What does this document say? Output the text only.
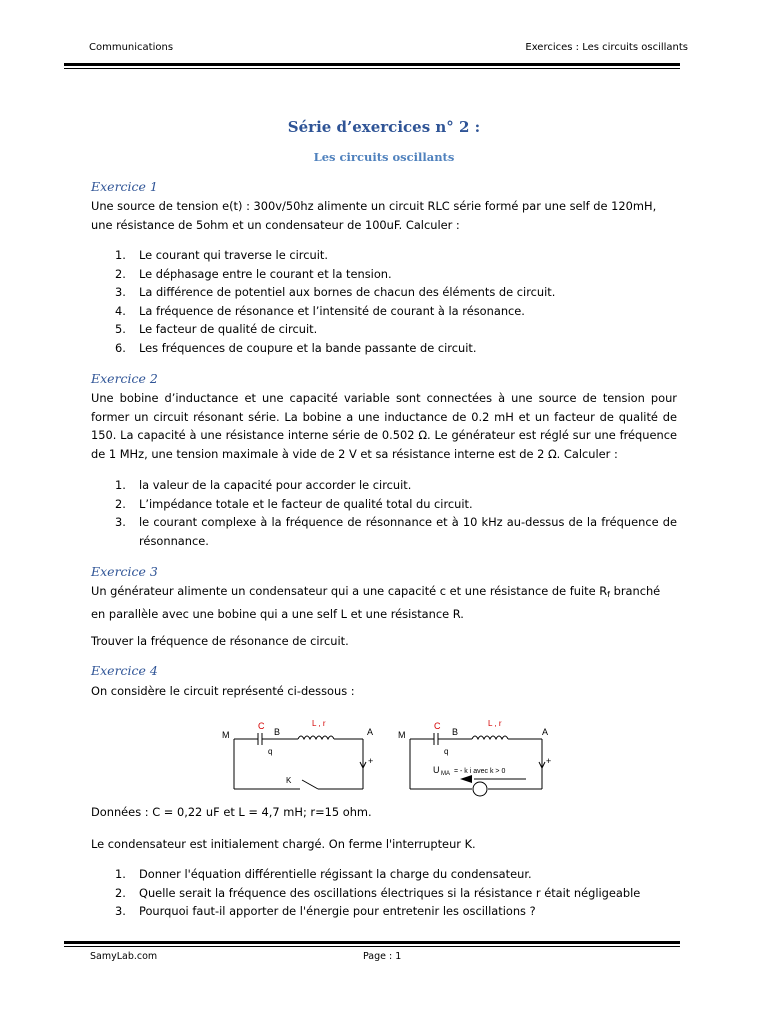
Communications	Exercices : Les circuits oscillants
Série d’exercices n° 2 :
Les circuits oscillants
Exercice 1
Une source de tension e(t) : 300v/50hz alimente un circuit RLC série formé par une self de 120mH,
une résistance de 5ohm et un condensateur de 100uF. Calculer :
1. Le courant qui traverse le circuit.
2. Le déphasage entre le courant et la tension.
3. La différence de potentiel aux bornes de chacun des éléments de circuit.
4. La fréquence de résonance et l’intensité de courant à la résonance.
5. Le facteur de qualité de circuit.
6. Les fréquences de coupure et la bande passante de circuit.
Exercice 2
Une bobine d’inductance et une capacité variable sont connectées à une source de tension pour former un circuit résonant série. La bobine a une inductance de 0.2 mH et un facteur de qualité de 150. La capacité à une résistance interne série de 0.502 Ω. Le générateur est réglé sur une fréquence de 1 MHz, une tension maximale à vide de 2 V et sa résistance interne est de 2 Ω. Calculer :
1. la valeur de la capacité pour accorder le circuit.
2. L’impédance totale et le facteur de qualité total du circuit.
3. le courant complexe à la fréquence de résonnance et à 10 kHz au-dessus de la fréquence de résonnance.
Exercice 3
Un générateur alimente un condensateur qui a une capacité c et une résistance de fuite $R_f$ branché
en parallèle avec une bobine qui a une self L et une résistance R.
Trouver la fréquence de résonance de circuit.
Exercice 4
On considère le circuit représenté ci-dessous :
M
C
B
L , r
A
q
K
+
M
C
B
L , r
A
q
U MA = - k i avec k > 0
+
Données : C = 0,22 uF et L = 4,7 mH; r=15 ohm.
Le condensateur est initialement chargé. On ferme l'interrupteur K.
1. Donner l'équation différentielle régissant la charge du condensateur.
2. Quelle serait la fréquence des oscillations électriques si la résistance r était négligeable
3. Pourquoi faut-il apporter de l'énergie pour entretenir les oscillations ?
SamyLab.com	Page : 1
